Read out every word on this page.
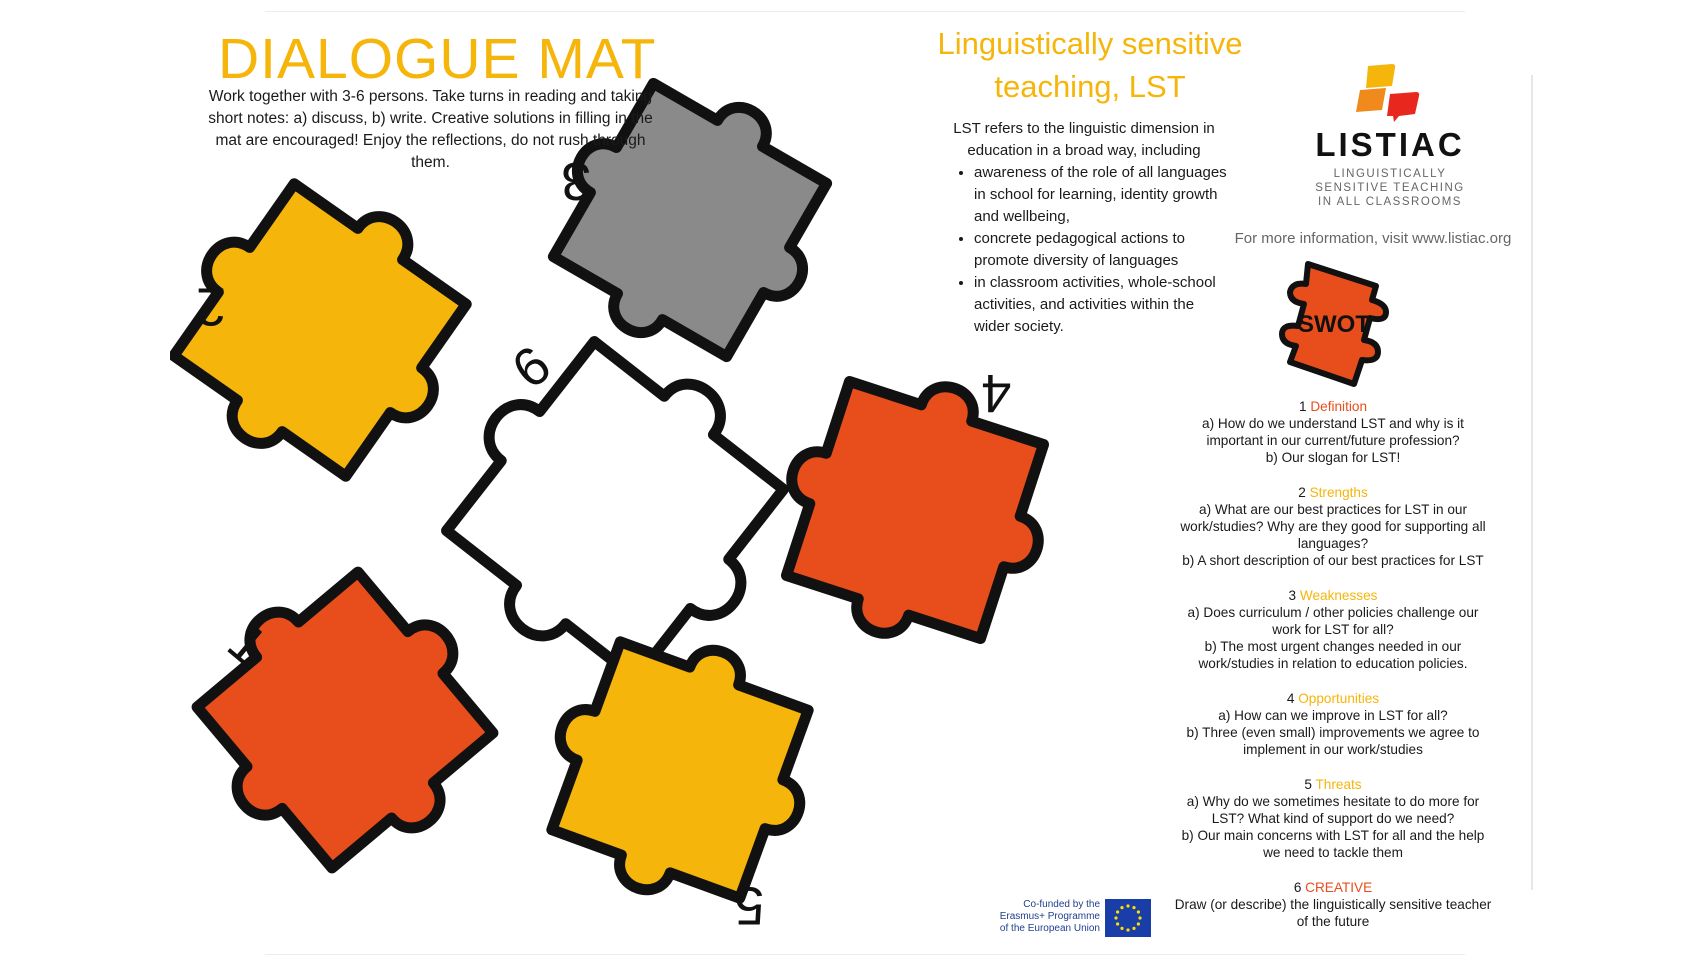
2
3
6	4
1
5
DIALOGUE MAT
Work together with 3-6 persons. Take turns in reading and taking short notes: a) discuss, b) write. Creative solutions in filling in the mat are encouraged! Enjoy the reflections, do not rush through them.
Linguistically sensitive teaching, LST
LST refers to the linguistic dimension in education in a broad way, including
• awareness of the role of all languages in school for learning, identity growth and wellbeing,
• concrete pedagogical actions to promote diversity of languages
• in classroom activities, whole-school activities, and activities within the wider society.
LISTIAC
LINGUISTICALLY
SENSITIVE TEACHING
IN ALL CLASSROOMS
For more information, visit www.listiac.org
SWOT
1 Definition
a) How do we understand LST and why is it important in our current/future profession?
b) Our slogan for LST!
2 Strengths
a) What are our best practices for LST in our work/studies? Why are they good for supporting all languages?
b) A short description of our best practices for LST
3 Weaknesses
a) Does curriculum / other policies challenge our work for LST for all?
b) The most urgent changes needed in our work/studies in relation to education policies.
4 Opportunities
a) How can we improve in LST for all?
b) Three (even small) improvements we agree to implement in our work/studies
5 Threats
a) Why do we sometimes hesitate to do more for LST? What kind of support do we need?
b) Our main concerns with LST for all and the help we need to tackle them
6 CREATIVE
Draw (or describe) the linguistically sensitive teacher of the future
Co-funded by the
Erasmus+ Programme
of the European Union
